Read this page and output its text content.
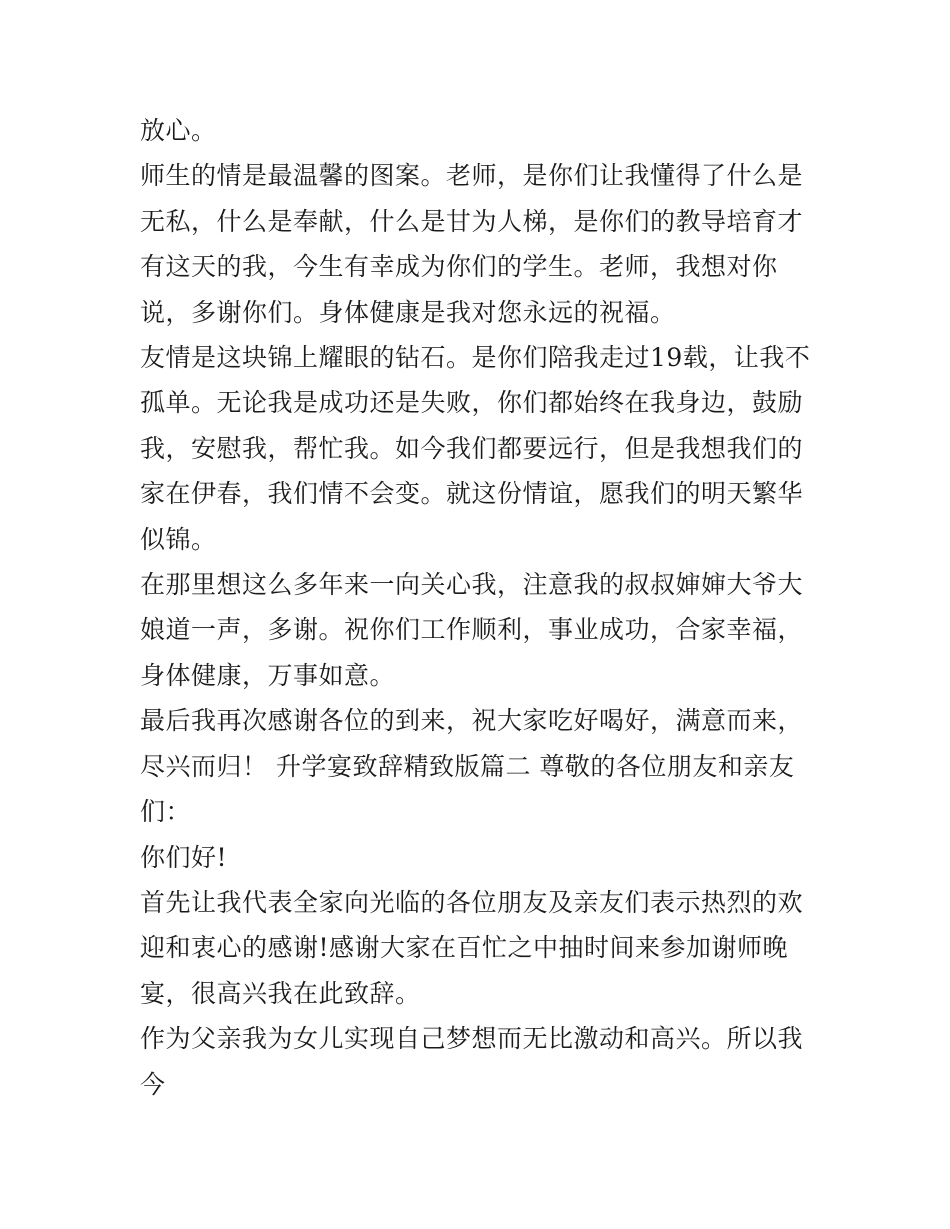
放心。

师生的情是最温馨的图案。老师，是你们让我懂得了什么是无私，什么是奉献，什么是甘为人梯，是你们的教导培育才有这天的我，今生有幸成为你们的学生。老师，我想对你说，多谢你们。身体健康是我对您永远的祝福。

友情是这块锦上耀眼的钻石。是你们陪我走过19载，让我不孤单。无论我是成功还是失败，你们都始终在我身边，鼓励我，安慰我，帮忙我。如今我们都要远行，但是我想我们的家在伊春，我们情不会变。就这份情谊，愿我们的明天繁华似锦。

在那里想这么多年来一向关心我，注意我的叔叔婶婶大爷大娘道一声，多谢。祝你们工作顺利，事业成功，合家幸福，身体健康，万事如意。

最后我再次感谢各位的到来，祝大家吃好喝好，满意而来，尽兴而归！ 升学宴致辞精致版篇二 尊敬的各位朋友和亲友们：

你们好!

首先让我代表全家向光临的各位朋友及亲友们表示热烈的欢迎和衷心的感谢!感谢大家在百忙之中抽时间来参加谢师晚宴，很高兴我在此致辞。

作为父亲我为女儿实现自己梦想而无比激动和高兴。所以我今
